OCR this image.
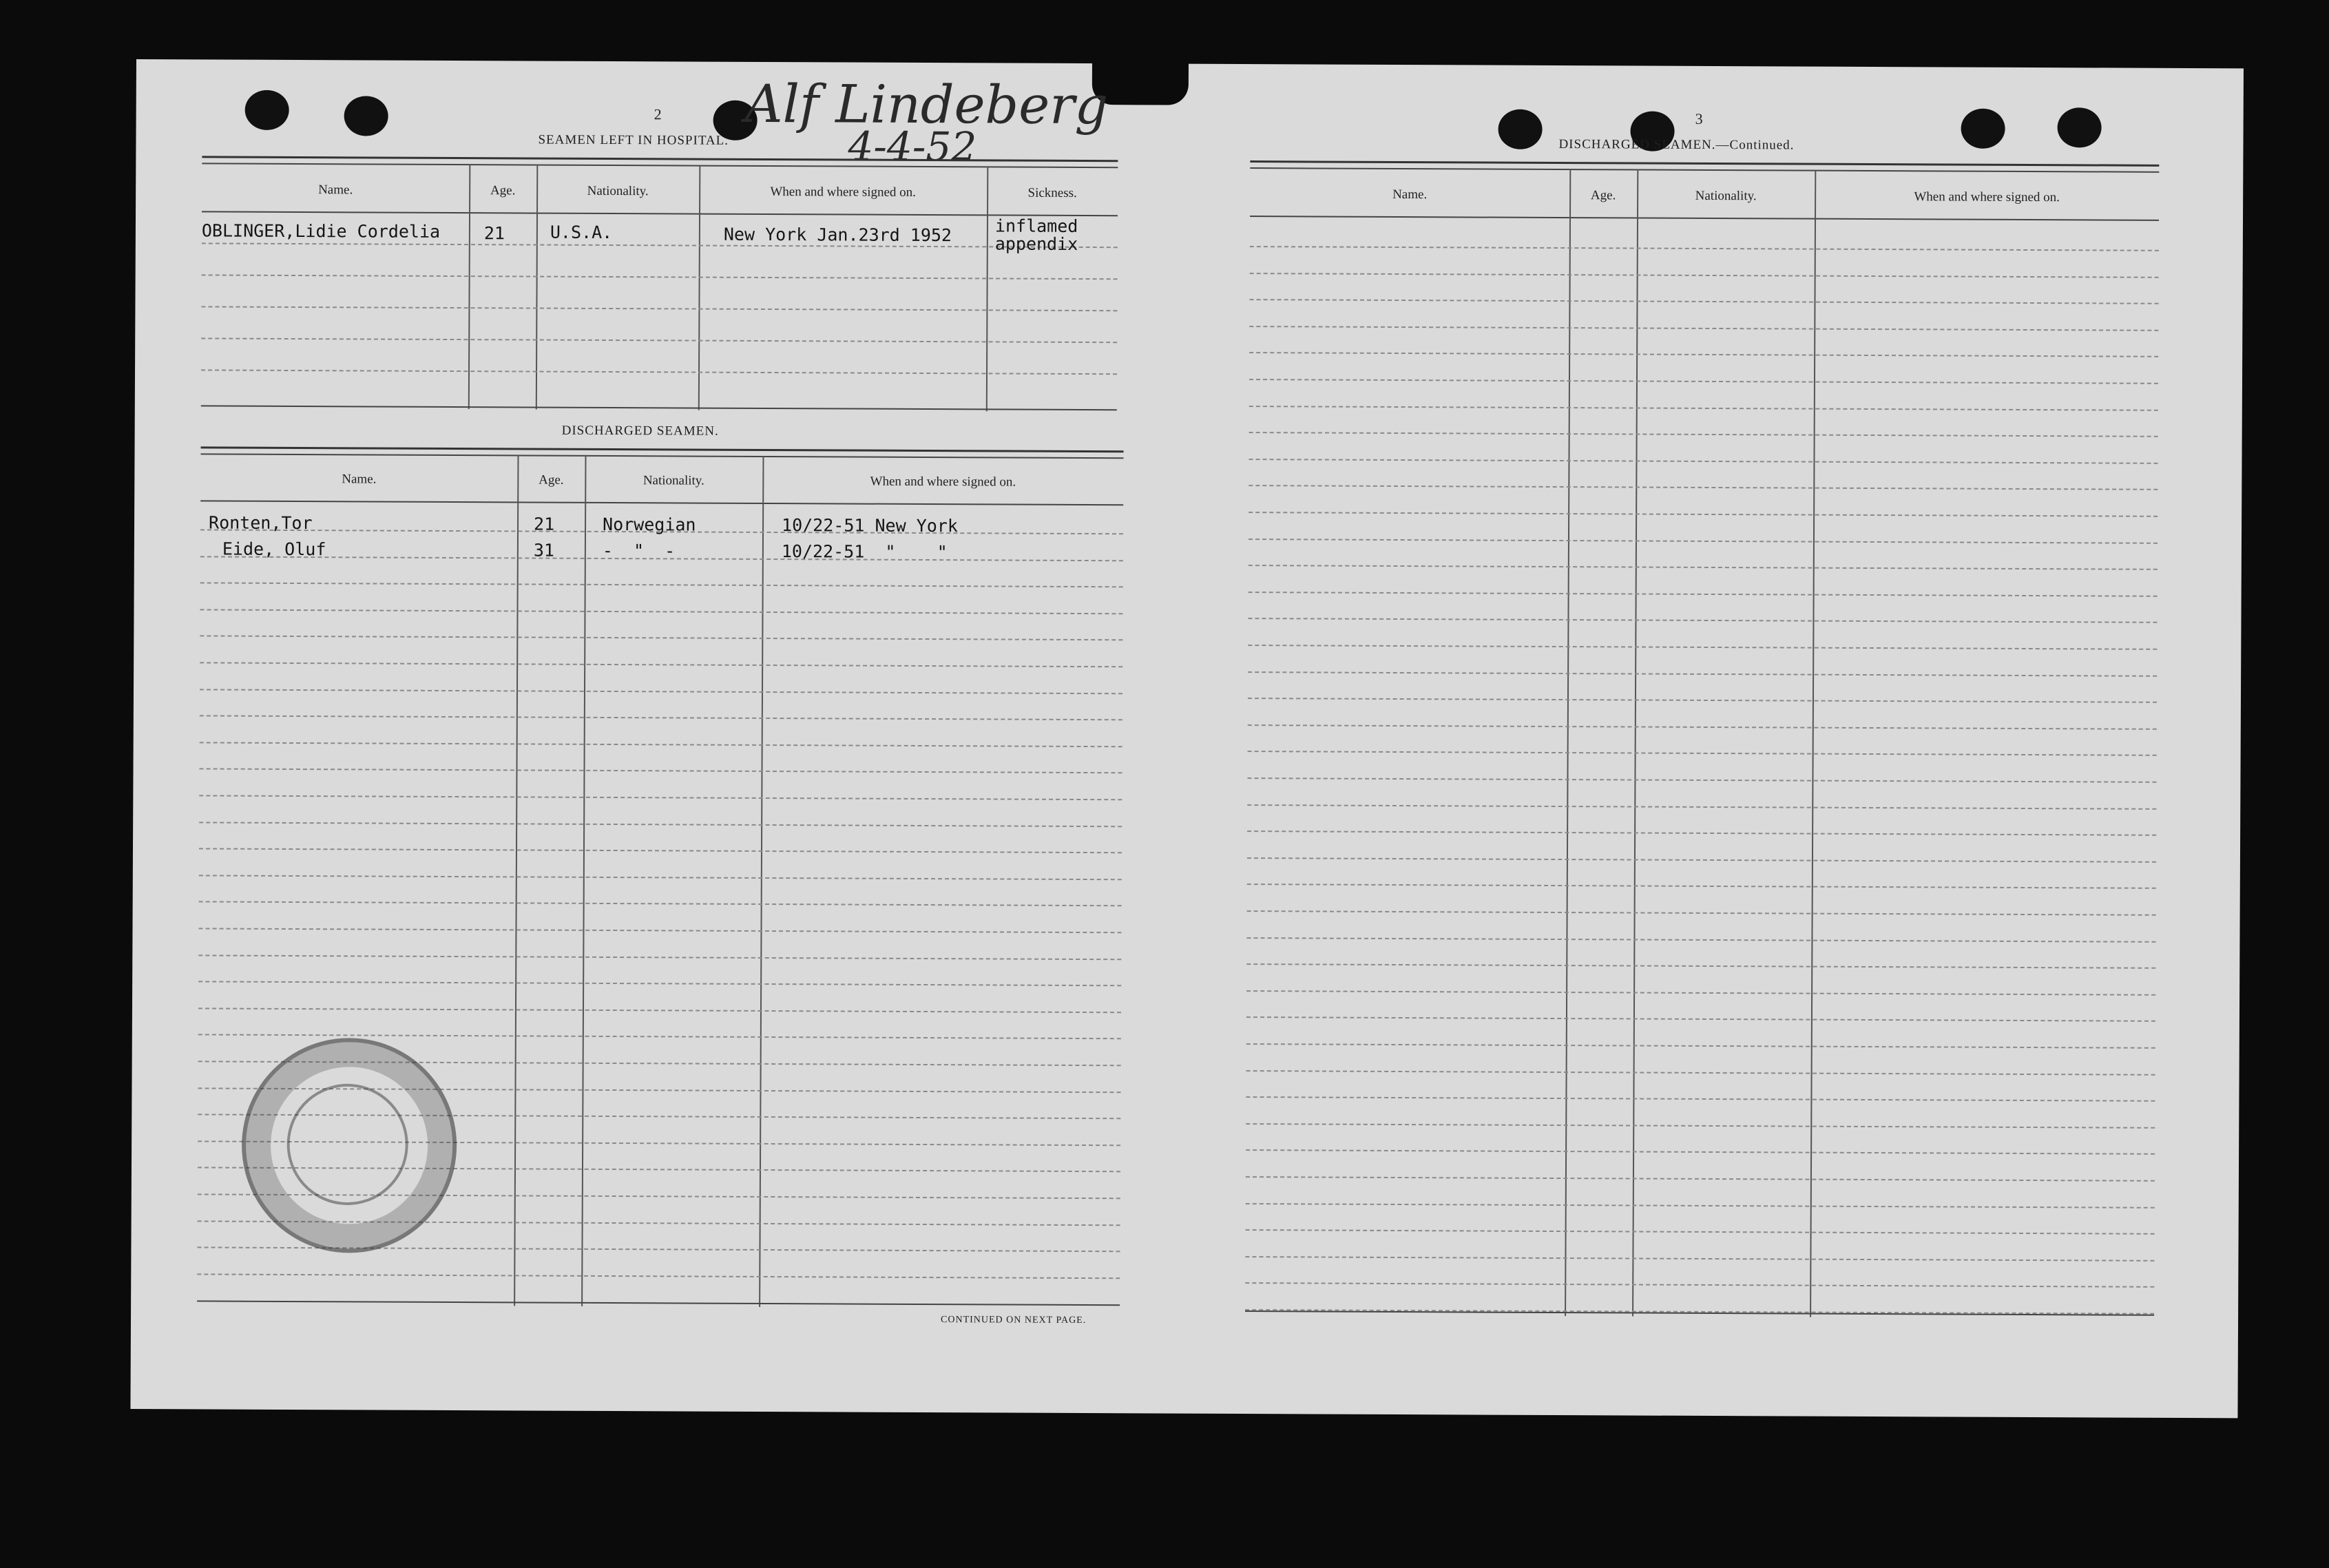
2
SEAMEN LEFT IN HOSPITAL.
Alf Lindeberg
4-4-52
Name.	Age.	Nationality.	When and where signed on.	Sickness.
OBLINGER,Lidie Cordelia	21	U.S.A.	New York Jan.23rd 1952	inflamed
appendix
DISCHARGED SEAMEN.
Name.	Age.	Nationality.	When and where signed on.
Ronten,Tor	21	Norwegian	10/22-51 New York
Eide, Oluf	31	-  "  -	10/22-51  "    "
CONTINUED ON NEXT PAGE.
3
DISCHARGED SEAMEN.—Continued.
Name.	Age.	Nationality.	When and where signed on.
